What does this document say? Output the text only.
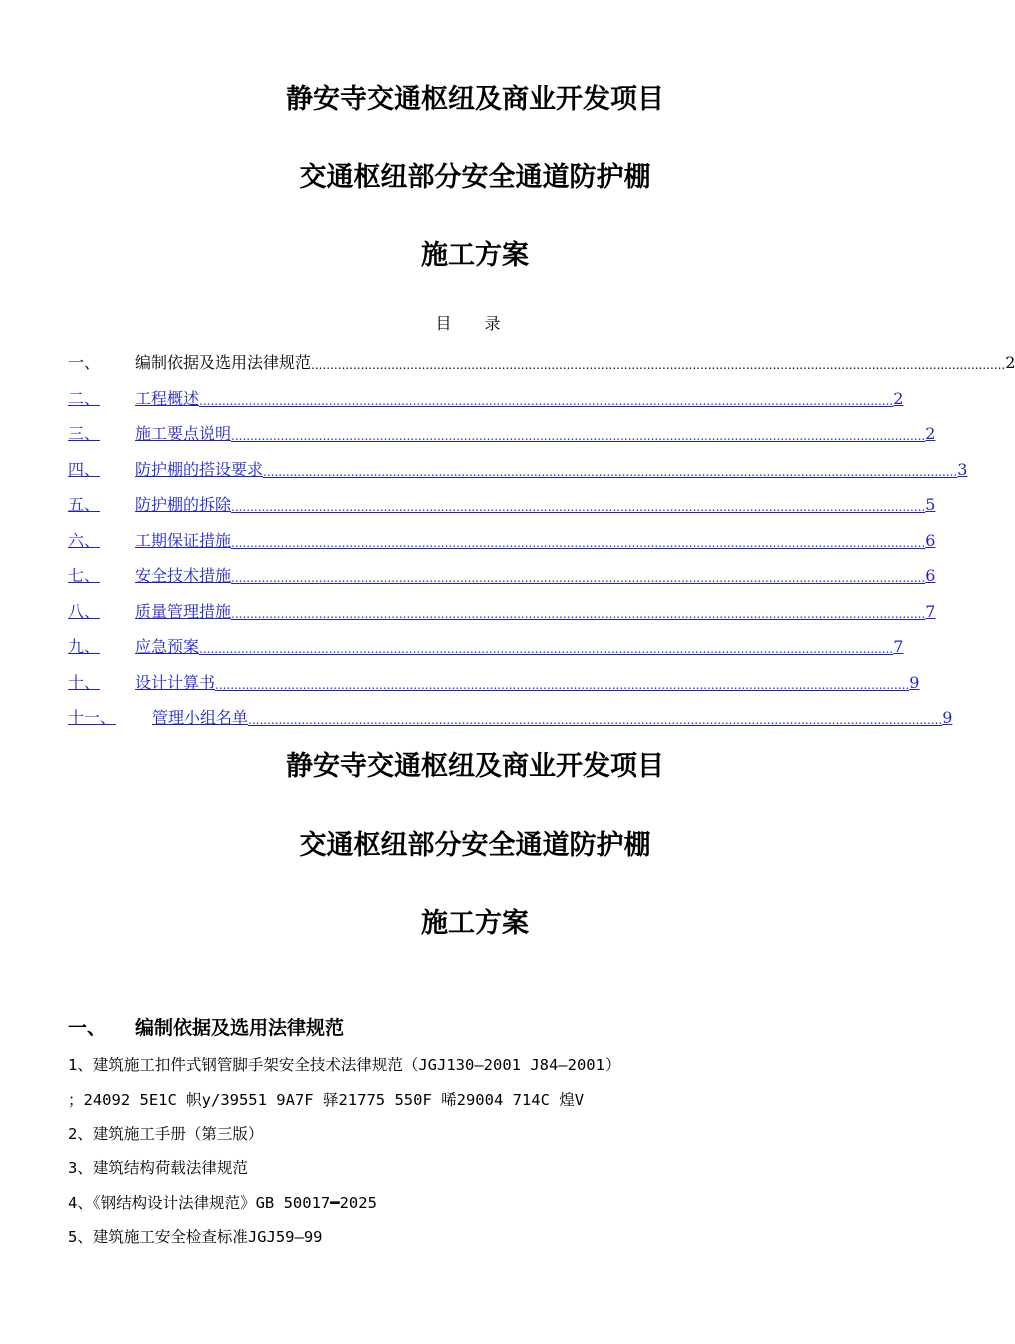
静安寺交通枢纽及商业开发项目
交通枢纽部分安全通道防护棚
施工方案
目 录
一、	编制依据及选用法律规范 ...................................................................................................................................................................................... 2
二、	工程概述 ...................................................................................................................................................................................... 2
三、	施工要点说明 ...................................................................................................................................................................................... 2
四、	防护棚的搭设要求 ...................................................................................................................................................................................... 3
五、	防护棚的拆除 ...................................................................................................................................................................................... 5
六、	工期保证措施 ...................................................................................................................................................................................... 6
七、	安全技术措施 ...................................................................................................................................................................................... 6
八、	质量管理措施 ...................................................................................................................................................................................... 7
九、	应急预案 ...................................................................................................................................................................................... 7
十、	设计计算书 ...................................................................................................................................................................................... 9
十一、	管理小组名单 ...................................................................................................................................................................................... 9
静安寺交通枢纽及商业开发项目
交通枢纽部分安全通道防护棚
施工方案
一、 编制依据及选用法律规范
1、建筑施工扣件式钢管脚手架安全技术法律规范（JGJ130—2001 J84—2001）
；24092 5E1C 帜y/39551 9A7F 驿21775 550F 唏29004 714C 煌V
2、建筑施工手册（第三版）
3、建筑结构荷载法律规范
4、《钢结构设计法律规范》GB 50017━2025
5、建筑施工安全检查标准JGJ59—99
